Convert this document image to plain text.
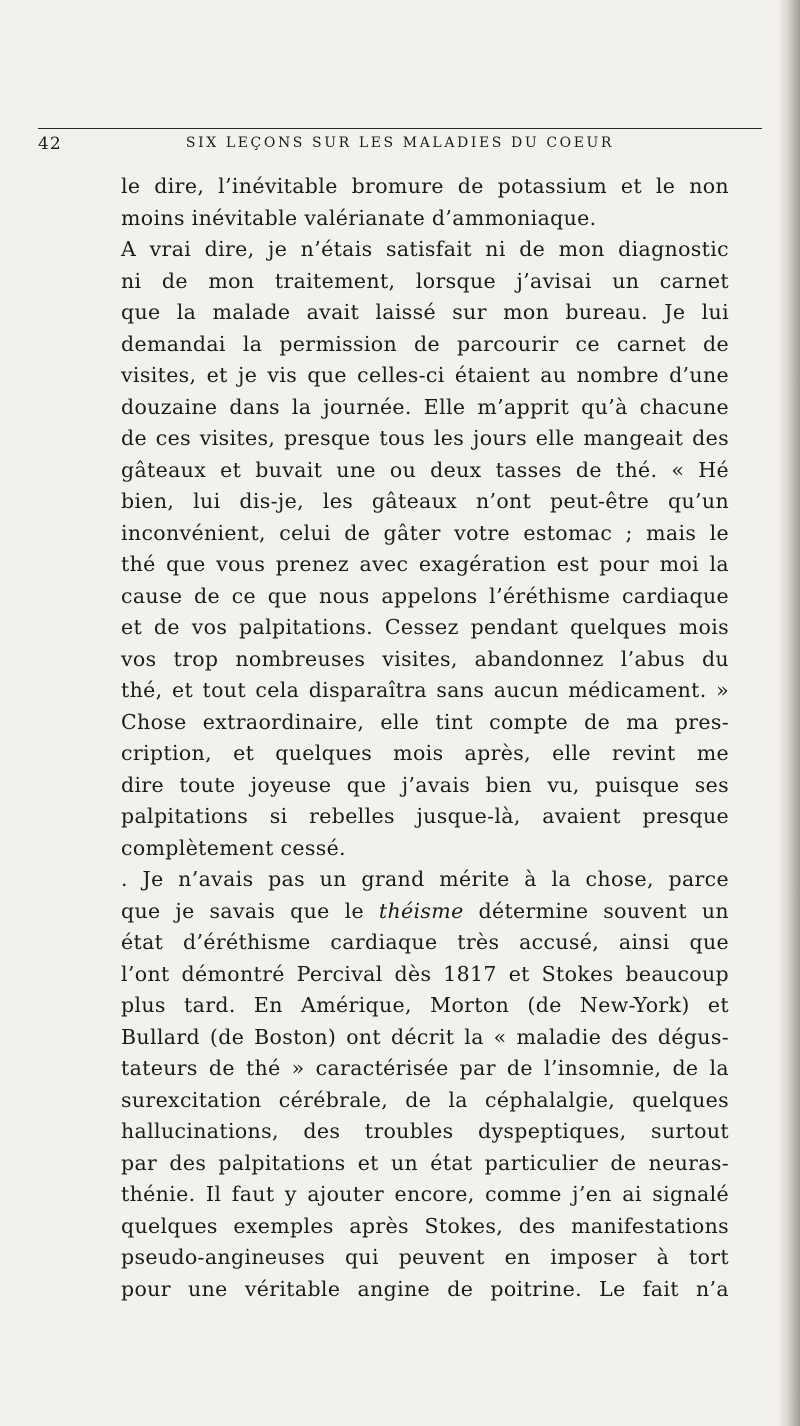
42	SIX LEÇONS SUR LES MALADIES DU COEUR
le dire, l’inévitable bromure de potassium et le non
moins inévitable valérianate d’ammoniaque.
A vrai dire, je n’étais satisfait ni de mon diagnostic
ni de mon traitement, lorsque j’avisai un carnet
que la malade avait laissé sur mon bureau. Je lui
demandai la permission de parcourir ce carnet de
visites, et je vis que celles-ci étaient au nombre d’une
douzaine dans la journée. Elle m’apprit qu’à chacune
de ces visites, presque tous les jours elle mangeait des
gâteaux et buvait une ou deux tasses de thé. « Hé
bien, lui dis-je, les gâteaux n’ont peut-être qu’un
inconvénient, celui de gâter votre estomac ; mais le
thé que vous prenez avec exagération est pour moi la
cause de ce que nous appelons l’éréthisme cardiaque
et de vos palpitations. Cessez pendant quelques mois
vos trop nombreuses visites, abandonnez l’abus du
thé, et tout cela disparaîtra sans aucun médicament. »
Chose extraordinaire, elle tint compte de ma pres-
cription, et quelques mois après, elle revint me
dire toute joyeuse que j’avais bien vu, puisque ses
palpitations si rebelles jusque-là, avaient presque
complètement cessé.
. Je n’avais pas un grand mérite à la chose, parce
que je savais que le théisme détermine souvent un
état d’éréthisme cardiaque très accusé, ainsi que
l’ont démontré Percival dès 1817 et Stokes beaucoup
plus tard. En Amérique, Morton (de New-York) et
Bullard (de Boston) ont décrit la « maladie des dégus-
tateurs de thé » caractérisée par de l’insomnie, de la
surexcitation cérébrale, de la céphalalgie, quelques
hallucinations, des troubles dyspeptiques, surtout
par des palpitations et un état particulier de neuras-
thénie. Il faut y ajouter encore, comme j’en ai signalé
quelques exemples après Stokes, des manifestations
pseudo-angineuses qui peuvent en imposer à tort
pour une véritable angine de poitrine. Le fait n’a
